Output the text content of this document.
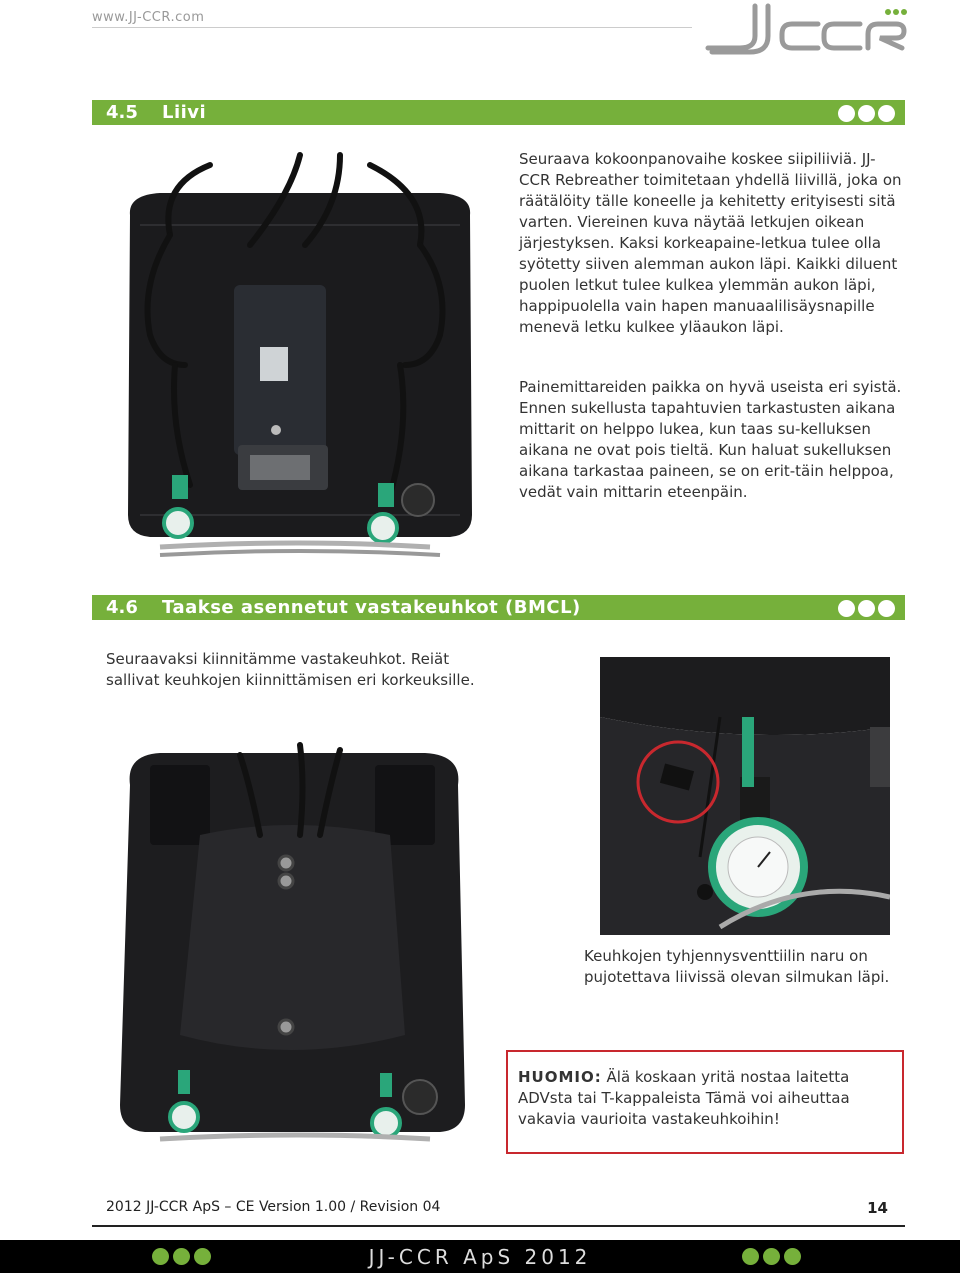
www.JJ-CCR.com
4.5 Liivi

Seuraava kokoonpanovaihe koskee siipiliiviä. JJ-CCR Rebreather toimitetaan yhdellä liivillä, joka on räätälöity tälle koneelle ja kehitetty erityisesti sitä varten. Viereinen kuva näytää letkujen oikean järjestyksen. Kaksi korkeapaine-letkua tulee olla syötetty siiven alemman aukon läpi. Kaikki diluent puolen letkut tulee kulkea ylemmän aukon läpi, happipuolella vain hapen manuaalilisäysnapille menevä letku kulkee yläaukon läpi.

Painemittareiden paikka on hyvä useista eri syistä. Ennen sukellusta tapahtuvien tarkastusten aikana mittarit on helppo lukea, kun taas su-kelluksen aikana ne ovat pois tieltä. Kun haluat sukelluksen aikana tarkastaa paineen, se on erit-täin helppoa, vedät vain mittarin eteenpäin.

4.6 Taakse asennetut vastakeuhkot (BMCL)

Seuraavaksi kiinnitämme vastakeuhkot. Reiät sallivat keuhkojen kiinnittämisen eri korkeuksille.

Keuhkojen tyhjennysventtiilin naru on pujotettava liivissä olevan silmukan läpi.

HUOMIO: Älä koskaan yritä nostaa laitetta ADVsta tai T-kappaleista Tämä voi aiheuttaa vakavia vaurioita vastakeuhkoihin!

2012 JJ-CCR ApS – CE Version 1.00 / Revision 04	14
JJ-CCR ApS 2012
